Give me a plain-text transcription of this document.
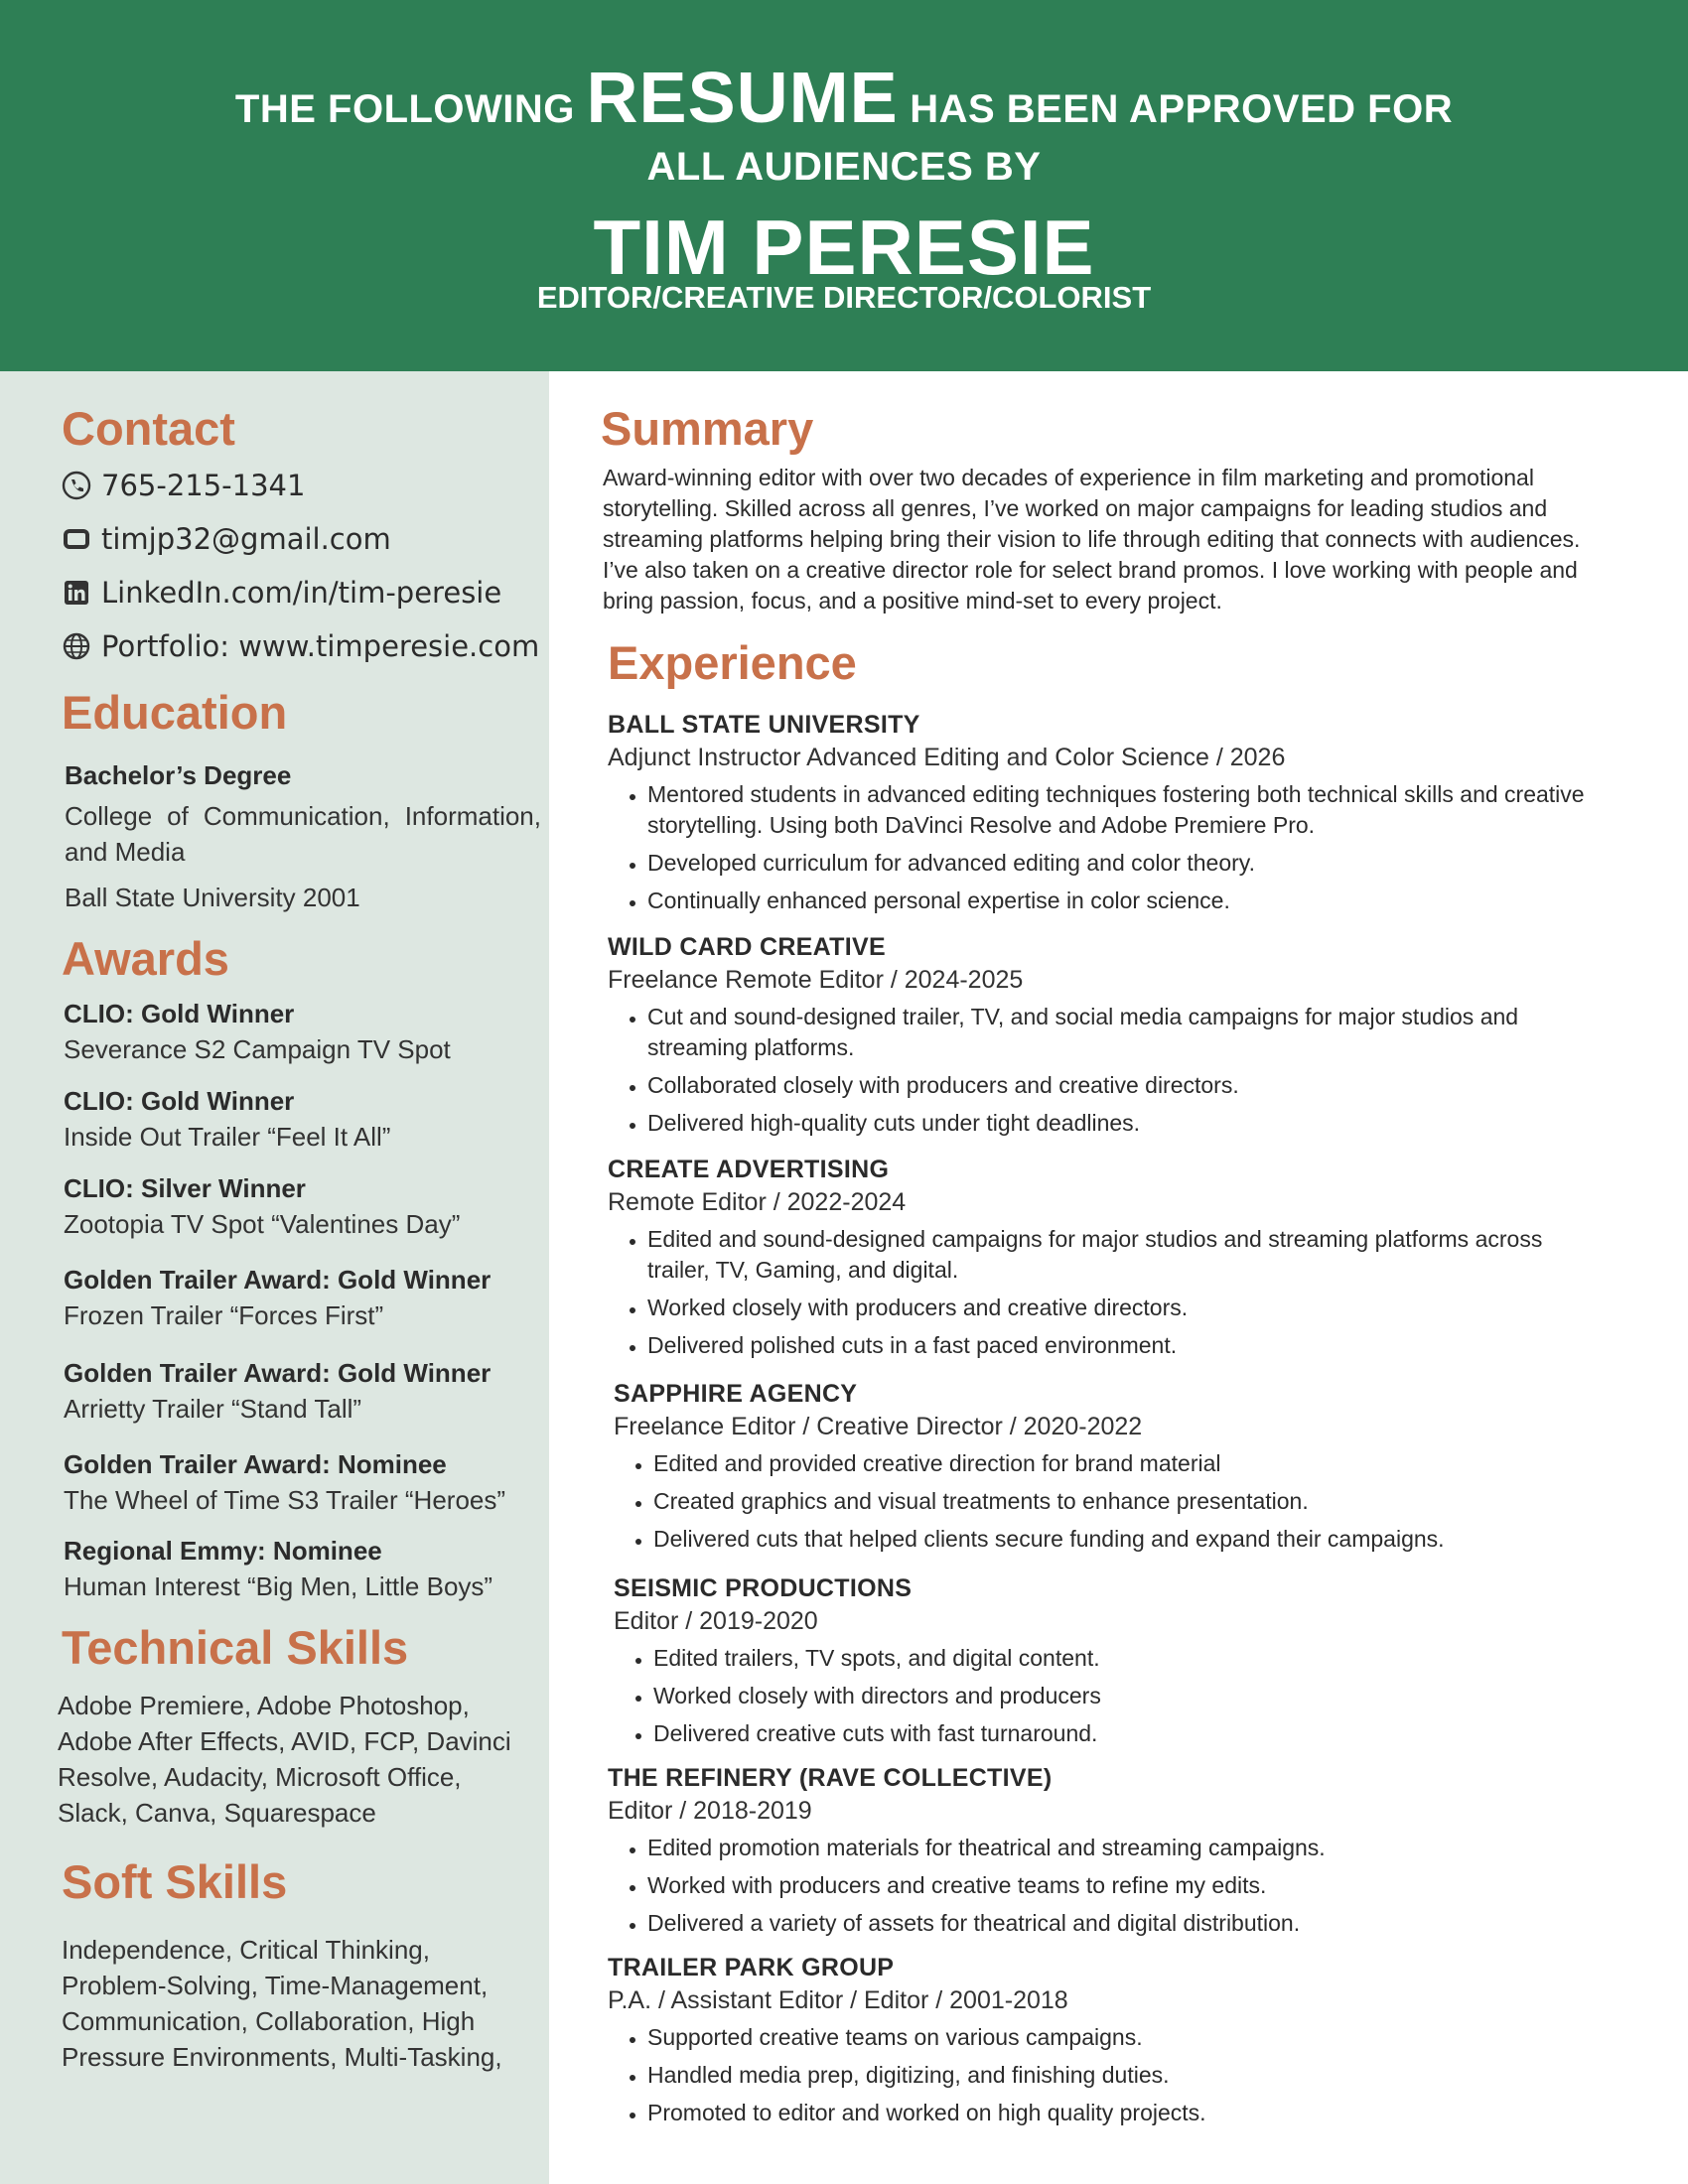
THE FOLLOWING RESUME HAS BEEN APPROVED FOR
ALL AUDIENCES BY
TIM PERESIE
EDITOR/CREATIVE DIRECTOR/COLORIST
Contact
765-215-1341
timjp32@gmail.com
LinkedIn.com/in/tim-peresie
Portfolio: www.timperesie.com
Education
Bachelor’s Degree
College of Communication, Information, and Media
Ball State University 2001
Awards
CLIO: Gold Winner
Severance S2 Campaign TV Spot
CLIO: Gold Winner
Inside Out Trailer “Feel It All”
CLIO: Silver Winner
Zootopia TV Spot “Valentines Day”
Golden Trailer Award: Gold Winner
Frozen Trailer “Forces First”
Golden Trailer Award: Gold Winner
Arrietty Trailer “Stand Tall”
Golden Trailer Award: Nominee
The Wheel of Time S3 Trailer “Heroes”
Regional Emmy: Nominee
Human Interest “Big Men, Little Boys”
Technical Skills
Adobe Premiere, Adobe Photoshop, Adobe After Effects, AVID, FCP, Davinci Resolve, Audacity, Microsoft Office, Slack, Canva, Squarespace
Soft Skills
Independence, Critical Thinking, Problem-Solving, Time-Management, Communication, Collaboration, High Pressure Environments, Multi-Tasking,
Summary
Award-winning editor with over two decades of experience in film marketing and promotional storytelling. Skilled across all genres, I’ve worked on major campaigns for leading studios and streaming platforms helping bring their vision to life through editing that connects with audiences. I’ve also taken on a creative director role for select brand promos. I love working with people and bring passion, focus, and a positive mind-set to every project.
Experience
BALL STATE UNIVERSITY
Adjunct Instructor Advanced Editing and Color Science / 2026
• Mentored students in advanced editing techniques fostering both technical skills and creative storytelling. Using both DaVinci Resolve and Adobe Premiere Pro.
• Developed curriculum for advanced editing and color theory.
• Continually enhanced personal expertise in color science.
WILD CARD CREATIVE
Freelance Remote Editor / 2024-2025
• Cut and sound-designed trailer, TV, and social media campaigns for major studios and streaming platforms.
• Collaborated closely with producers and creative directors.
• Delivered high-quality cuts under tight deadlines.
CREATE ADVERTISING
Remote Editor / 2022-2024
• Edited and sound-designed campaigns for major studios and streaming platforms across trailer, TV, Gaming, and digital.
• Worked closely with producers and creative directors.
• Delivered polished cuts in a fast paced environment.
SAPPHIRE AGENCY
Freelance Editor / Creative Director / 2020-2022
• Edited and provided creative direction for brand material
• Created graphics and visual treatments to enhance presentation.
• Delivered cuts that helped clients secure funding and expand their campaigns.
SEISMIC PRODUCTIONS
Editor / 2019-2020
• Edited trailers, TV spots, and digital content.
• Worked closely with directors and producers
• Delivered creative cuts with fast turnaround.
THE REFINERY (RAVE COLLECTIVE)
Editor / 2018-2019
• Edited promotion materials for theatrical and streaming campaigns.
• Worked with producers and creative teams to refine my edits.
• Delivered a variety of assets for theatrical and digital distribution.
TRAILER PARK GROUP
P.A. / Assistant Editor / Editor / 2001-2018
• Supported creative teams on various campaigns.
• Handled media prep, digitizing, and finishing duties.
• Promoted to editor and worked on high quality projects.
